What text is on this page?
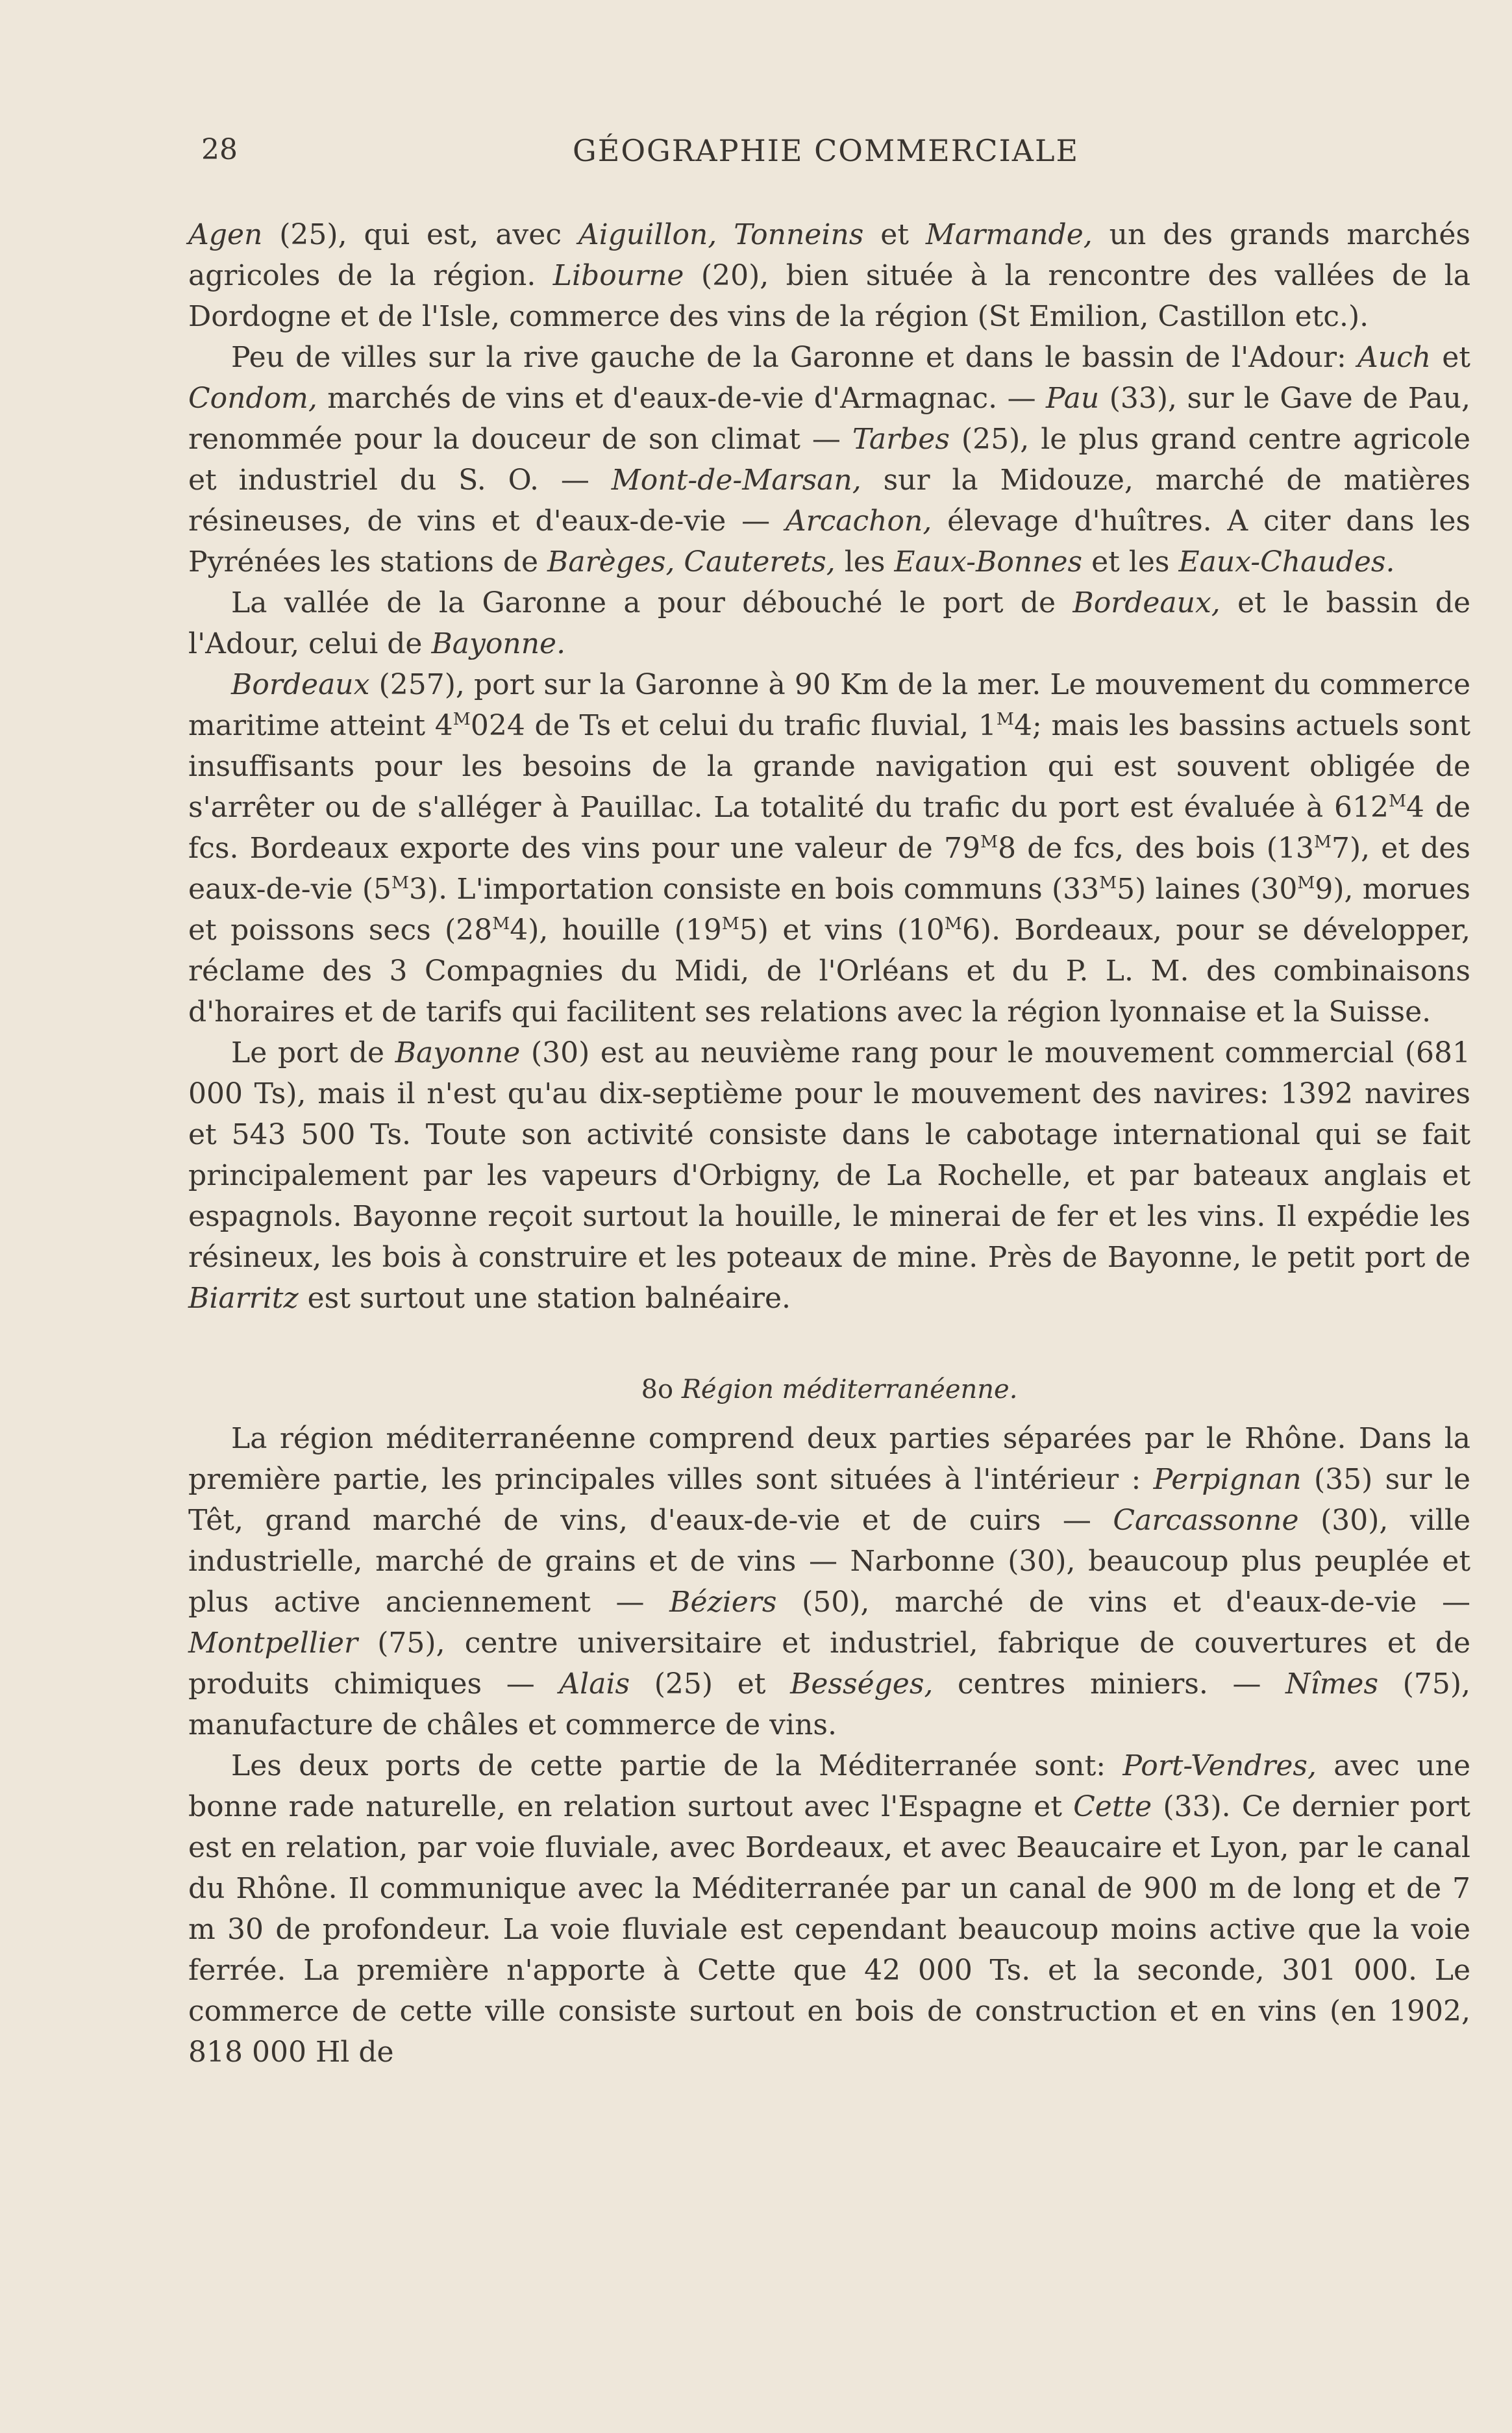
28	GÉOGRAPHIE COMMERCIALE

Agen (25), qui est, avec Aiguillon, Tonneins et Marmande, un des grands marchés agricoles de la région. Libourne (20), bien située à la rencontre des vallées de la Dordogne et de l'Isle, commerce des vins de la région (St Emilion, Castillon etc.).

Peu de villes sur la rive gauche de la Garonne et dans le bassin de l'Adour: Auch et Condom, marchés de vins et d'eaux-de-vie d'Armagnac. — Pau (33), sur le Gave de Pau, renommée pour la douceur de son climat — Tarbes (25), le plus grand centre agricole et industriel du S. O. — Mont-de-Marsan, sur la Midouze, marché de matières résineuses, de vins et d'eaux-de-vie — Arcachon, élevage d'huîtres. A citer dans les Pyrénées les stations de Barèges, Cauterets, les Eaux-Bonnes et les Eaux-Chaudes.

La vallée de la Garonne a pour débouché le port de Bordeaux, et le bassin de l'Adour, celui de Bayonne.

Bordeaux (257), port sur la Garonne à 90 Km de la mer. Le mouvement du commerce maritime atteint $4^M024$ de Ts et celui du trafic fluvial, $1^M4$; mais les bassins actuels sont insuffisants pour les besoins de la grande navigation qui est souvent obligée de s'arrêter ou de s'alléger à Pauillac. La totalité du trafic du port est évaluée à $612^M4$ de fcs. Bordeaux exporte des vins pour une valeur de $79^M8$ de fcs, des bois $(13^M7)$, et des eaux-de-vie $(5^M3)$. L'importation consiste en bois communs $(33^M5)$ laines $(30^M9)$, morues et poissons secs $(28^M4)$, houille $(19^M5)$ et vins $(10^M6)$. Bordeaux, pour se développer, réclame des 3 Compagnies du Midi, de l'Orléans et du P. L. M. des combinaisons d'horaires et de tarifs qui facilitent ses relations avec la région lyonnaise et la Suisse.

Le port de Bayonne (30) est au neuvième rang pour le mouvement commercial (681 000 Ts), mais il n'est qu'au dix-septième pour le mouvement des navires: 1392 navires et 543 500 Ts. Toute son activité consiste dans le cabotage international qui se fait principalement par les vapeurs d'Orbigny, de La Rochelle, et par bateaux anglais et espagnols. Bayonne reçoit surtout la houille, le minerai de fer et les vins. Il expédie les résineux, les bois à construire et les poteaux de mine. Près de Bayonne, le petit port de Biarritz est surtout une station balnéaire.

8o Région méditerranéenne.

La région méditerranéenne comprend deux parties séparées par le Rhône. Dans la première partie, les principales villes sont situées à l'intérieur : Perpignan (35) sur le Têt, grand marché de vins, d'eaux-de-vie et de cuirs — Carcassonne (30), ville industrielle, marché de grains et de vins — Narbonne (30), beaucoup plus peuplée et plus active anciennement — Béziers (50), marché de vins et d'eaux-de-vie — Montpellier (75), centre universitaire et industriel, fabrique de couvertures et de produits chimiques — Alais (25) et Bességes, centres miniers. — Nîmes (75), manufacture de châles et commerce de vins.

Les deux ports de cette partie de la Méditerranée sont: Port-Vendres, avec une bonne rade naturelle, en relation surtout avec l'Espagne et Cette (33). Ce dernier port est en relation, par voie fluviale, avec Bordeaux, et avec Beaucaire et Lyon, par le canal du Rhône. Il communique avec la Méditerranée par un canal de 900 m de long et de 7 m 30 de profondeur. La voie fluviale est cependant beaucoup moins active que la voie ferrée. La première n'apporte à Cette que 42 000 Ts. et la seconde, 301 000. Le commerce de cette ville consiste surtout en bois de construction et en vins (en 1902, 818 000 Hl de
